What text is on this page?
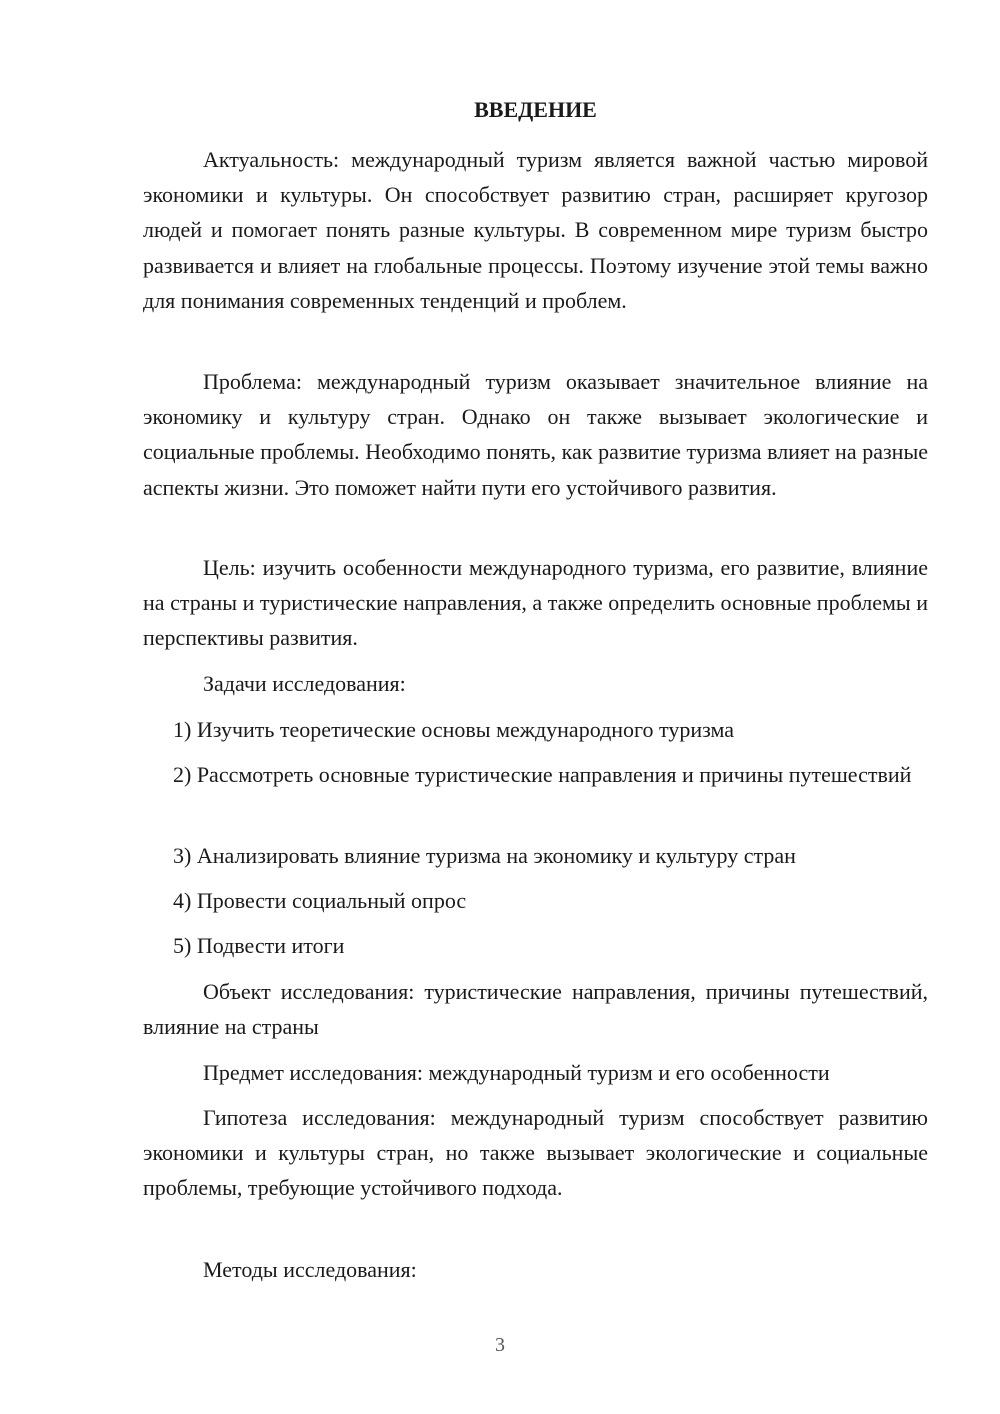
ВВЕДЕНИЕ

Актуальность: международный туризм является важной частью мировой экономики и культуры. Он способствует развитию стран, расширяет кругозор людей и помогает понять разные культуры. В современном мире туризм быстро развивается и влияет на глобальные процессы. Поэтому изучение этой темы важно для понимания современных тенденций и проблем.

Проблема: международный туризм оказывает значительное влияние на экономику и культуру стран. Однако он также вызывает экологические и социальные проблемы. Необходимо понять, как развитие туризма влияет на разные аспекты жизни. Это поможет найти пути его устойчивого развития.

Цель: изучить особенности международного туризма, его развитие, влияние на страны и туристические направления, а также определить основные проблемы и перспективы развития.

Задачи исследования:

1) Изучить теоретические основы международного туризма

2) Рассмотреть основные туристические направления и причины путешествий

3) Анализировать влияние туризма на экономику и культуру стран

4) Провести социальный опрос

5) Подвести итоги

Объект исследования: туристические направления, причины путешествий, влияние на страны

Предмет исследования: международный туризм и его особенности

Гипотеза исследования: международный туризм способствует развитию экономики и культуры стран, но также вызывает экологические и социальные проблемы, требующие устойчивого подхода.

Методы исследования:

3
